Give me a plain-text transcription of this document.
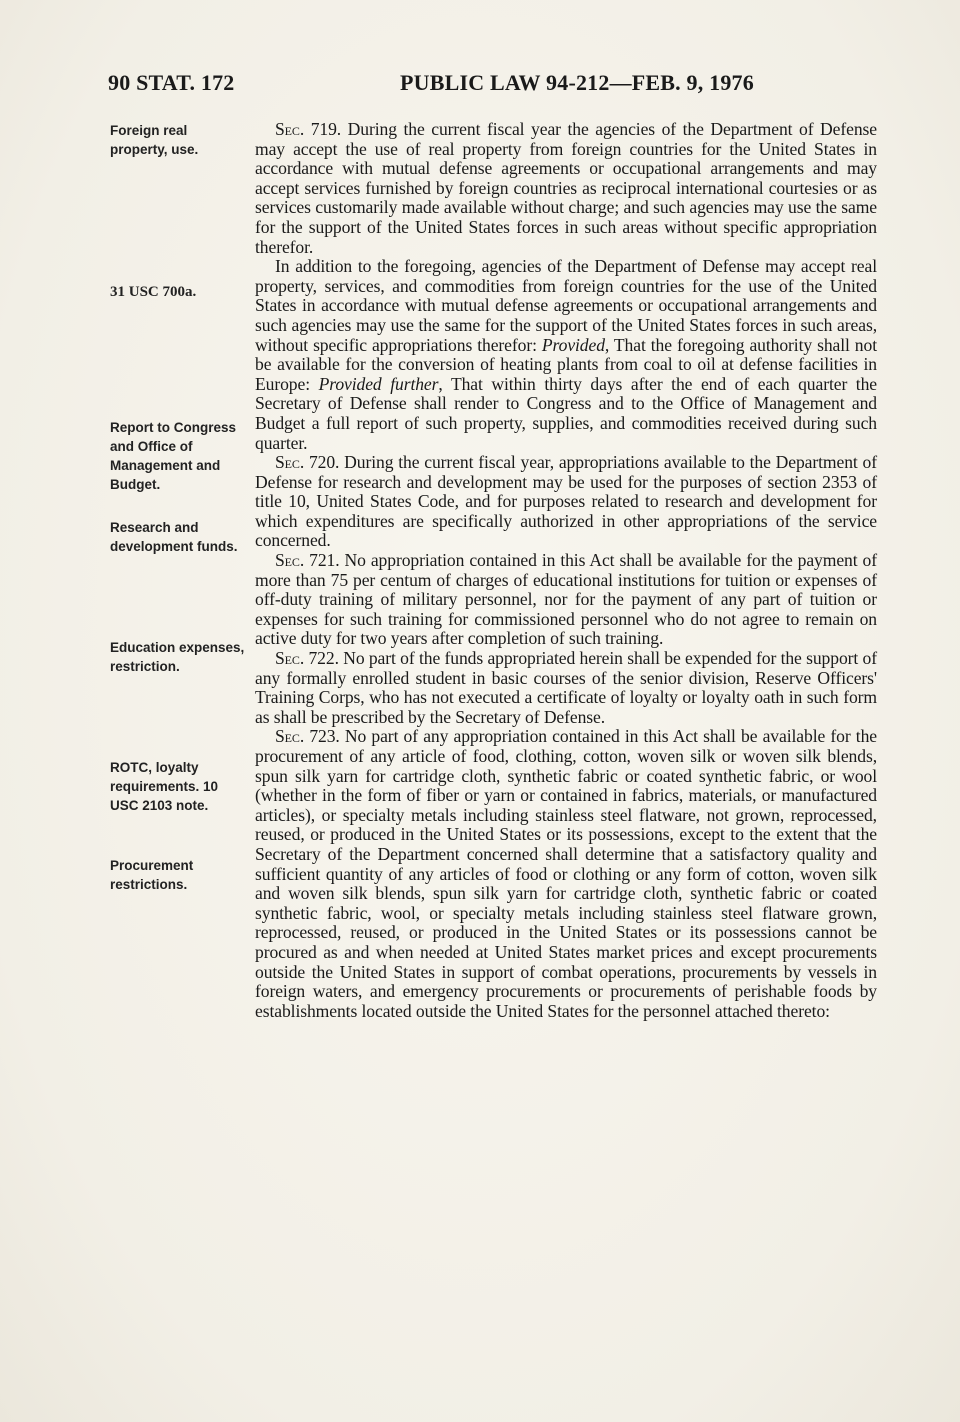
90 STAT. 172	PUBLIC LAW 94-212—FEB. 9, 1976
Foreign real property, use.
31 USC 700a.
Report to Congress and Office of Management and Budget.
Research and development funds.
Education expenses, restriction.
ROTC, loyalty requirements. 10 USC 2103 note.
Procurement restrictions.

Sec. 719. During the current fiscal year the agencies of the Department of Defense may accept the use of real property from foreign countries for the United States in accordance with mutual defense agreements or occupational arrangements and may accept services furnished by foreign countries as reciprocal international courtesies or as services customarily made available without charge; and such agencies may use the same for the support of the United States forces in such areas without specific appropriation therefor.

In addition to the foregoing, agencies of the Department of Defense may accept real property, services, and commodities from foreign countries for the use of the United States in accordance with mutual defense agreements or occupational arrangements and such agencies may use the same for the support of the United States forces in such areas, without specific appropriations therefor: Provided, That the foregoing authority shall not be available for the conversion of heating plants from coal to oil at defense facilities in Europe: Provided further, That within thirty days after the end of each quarter the Secretary of Defense shall render to Congress and to the Office of Management and Budget a full report of such property, supplies, and commodities received during such quarter.

Sec. 720. During the current fiscal year, appropriations available to the Department of Defense for research and development may be used for the purposes of section 2353 of title 10, United States Code, and for purposes related to research and development for which expenditures are specifically authorized in other appropriations of the service concerned.

Sec. 721. No appropriation contained in this Act shall be available for the payment of more than 75 per centum of charges of educational institutions for tuition or expenses of off-duty training of military personnel, nor for the payment of any part of tuition or expenses for such training for commissioned personnel who do not agree to remain on active duty for two years after completion of such training.

Sec. 722. No part of the funds appropriated herein shall be expended for the support of any formally enrolled student in basic courses of the senior division, Reserve Officers' Training Corps, who has not executed a certificate of loyalty or loyalty oath in such form as shall be prescribed by the Secretary of Defense.

Sec. 723. No part of any appropriation contained in this Act shall be available for the procurement of any article of food, clothing, cotton, woven silk or woven silk blends, spun silk yarn for cartridge cloth, synthetic fabric or coated synthetic fabric, or wool (whether in the form of fiber or yarn or contained in fabrics, materials, or manufactured articles), or specialty metals including stainless steel flatware, not grown, reprocessed, reused, or produced in the United States or its possessions, except to the extent that the Secretary of the Department concerned shall determine that a satisfactory quality and sufficient quantity of any articles of food or clothing or any form of cotton, woven silk and woven silk blends, spun silk yarn for cartridge cloth, synthetic fabric or coated synthetic fabric, wool, or specialty metals including stainless steel flatware grown, reprocessed, reused, or produced in the United States or its possessions cannot be procured as and when needed at United States market prices and except procurements outside the United States in support of combat operations, procurements by vessels in foreign waters, and emergency procurements or procurements of perishable foods by establishments located outside the United States for the personnel attached thereto:
